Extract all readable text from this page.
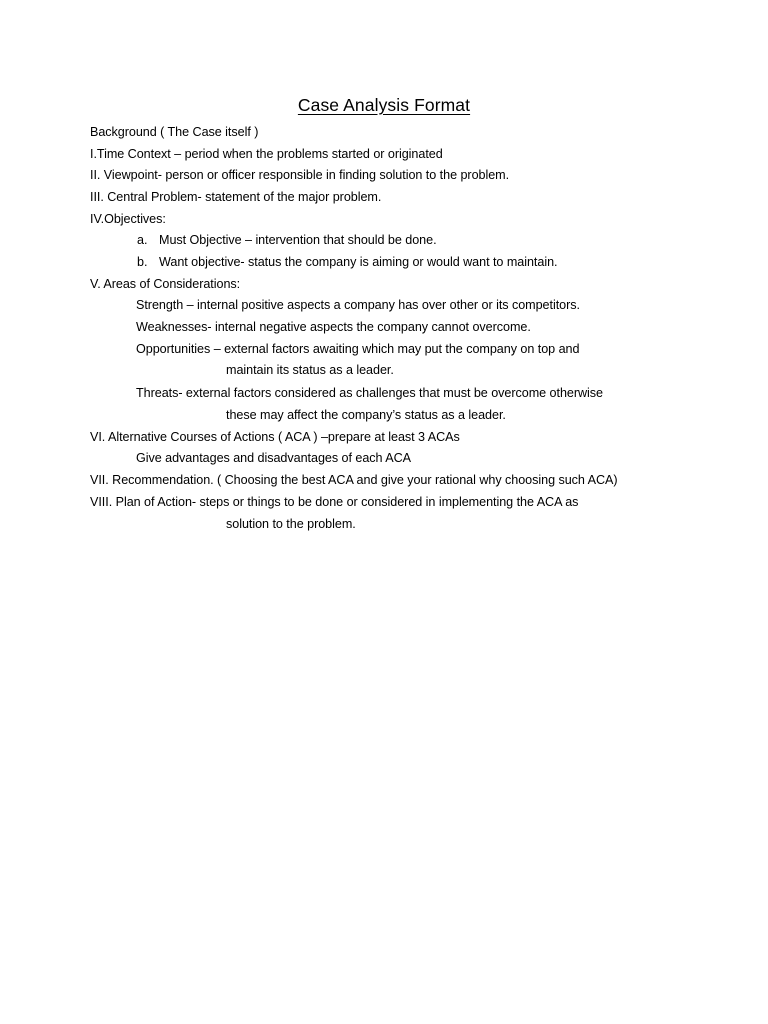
Case Analysis Format
Background ( The Case itself )
I.Time Context – period when the problems started or originated
II. Viewpoint- person or officer responsible in finding solution to the problem.
III. Central Problem- statement of the major problem.
IV.Objectives:
a. Must Objective – intervention that should be done.
b. Want objective- status the company is aiming or would want to maintain.
V. Areas of Considerations:
Strength – internal positive aspects a company has over other or its competitors.
Weaknesses- internal negative aspects the company cannot overcome.
Opportunities – external factors awaiting which may put the company on top and
maintain its status as a leader.
Threats- external factors considered as challenges that must be overcome otherwise
these may affect the company’s status as a leader.
VI. Alternative Courses of Actions ( ACA ) –prepare at least 3 ACAs
Give advantages and disadvantages of each ACA
VII. Recommendation. ( Choosing the best ACA and give your rational why choosing such ACA)
VIII. Plan of Action- steps or things to be done or considered in implementing the ACA as
solution to the problem.
